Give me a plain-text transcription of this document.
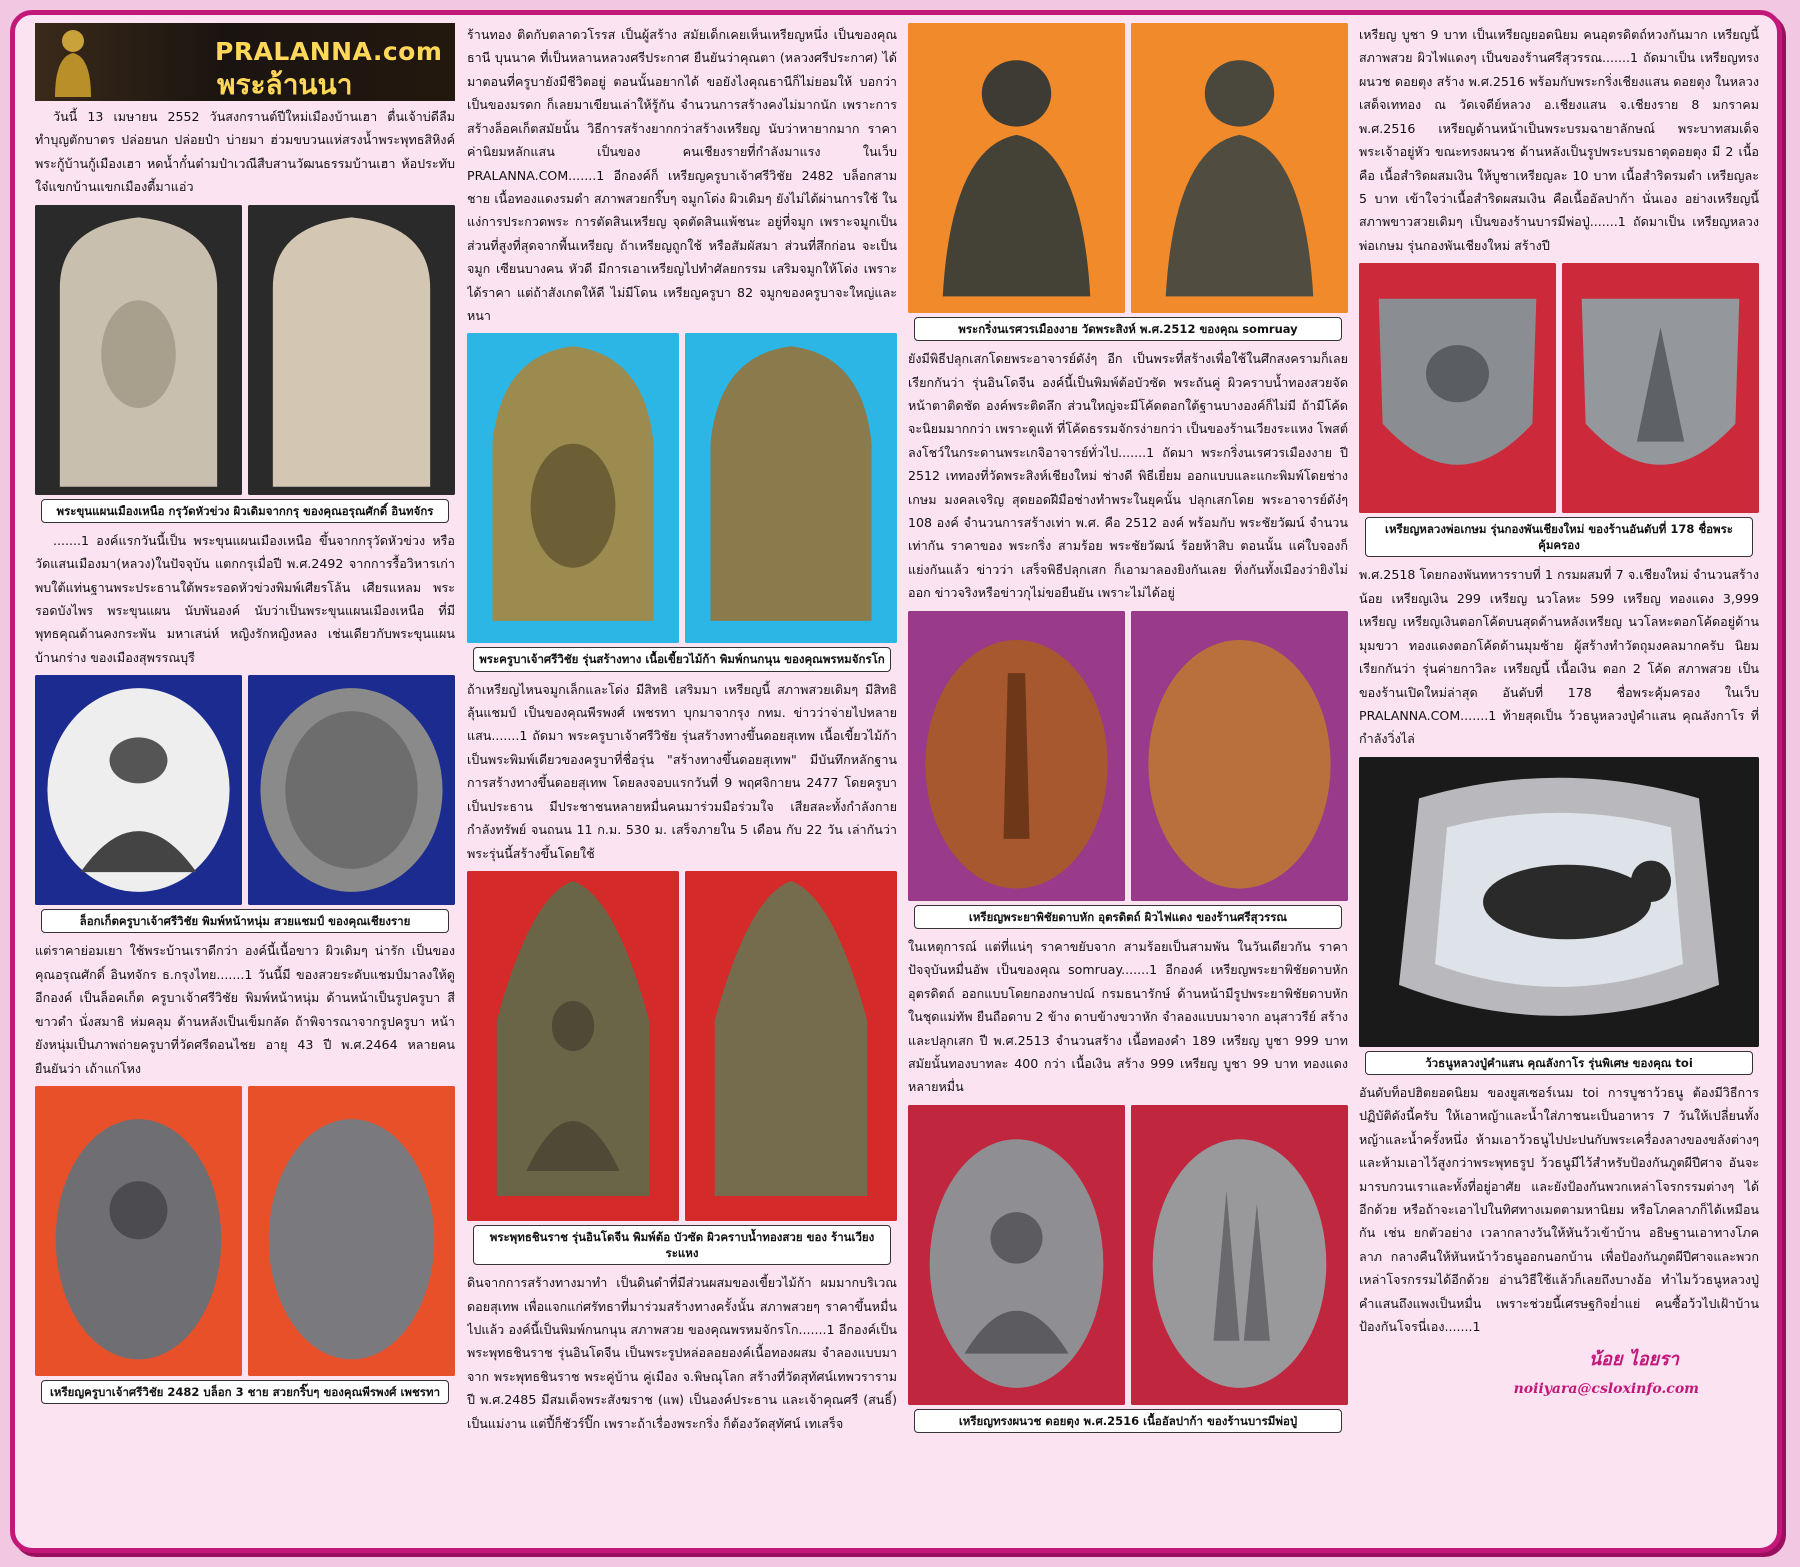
PRALANNA.com
พระล้านนา

วันนี้ 13 เมษายน 2552 วันสงกรานต์ปีใหม่เมืองบ้านเฮา ตื่นเจ้าบ่ดีลืมทำบุญตักบาตร ปล่อยนก ปล่อยป๋า บ่ายมา ฮ่วมขบวนแห่สรงน้ำพระพุทธสิหิงค์ พระกู้บ้านกู้เมืองเฮา หดน้ำกั๋นต๋ามป๋าเวณีสืบสานวัฒนธรรมบ้านเฮา ห้อประทับใจ๋แขกบ้านแขกเมืองตี้มาแอ่ว

พระขุนแผนเมืองเหนือ กรุวัดหัวข่วง ผิวเดิมจากกรุ ของคุณอรุณศักดิ์ อินทจักร

.......1 องค์แรกวันนี้เป็น พระขุนแผนเมืองเหนือ ขึ้นจากกรุวัดหัวข่วง หรือวัดแสนเมืองมา(หลวง)ในปัจจุบัน แตกกรุเมื่อปี พ.ศ.2492 จากการรื้อวิหารเก่า พบใต้แท่นฐานพระประธานใต้พระรอดหัวข่วงพิมพ์เศียรโล้น เศียรแหลม พระรอดบังไพร พระขุนแผน นับพันองค์ นับว่าเป็นพระขุนแผนเมืองเหนือ ที่มีพุทธคุณด้านคงกระพัน มหาเสน่ห์ หญิงรักหญิงหลง เช่นเดียวกับพระขุนแผนบ้านกร่าง ของเมืองสุพรรณบุรี

ล็อกเก็ตครูบาเจ้าศรีวิชัย พิมพ์หน้าหนุ่ม สวยแชมป์ ของคุณเชียงราย

แต่ราคาย่อมเยา ใช้พระบ้านเราดีกว่า องค์นี้เนื้อขาว ผิวเดิมๆ น่ารัก เป็นของคุณอรุณศักดิ์ อินทจักร ธ.กรุงไทย.......1 วันนี้มี ของสวยระดับแชมป์มาลงให้ดูอีกองค์ เป็นล็อคเก็ต ครูบาเจ้าศรีวิชัย พิมพ์หน้าหนุ่ม ด้านหน้าเป็นรูปครูบา สีขาวดำ นั่งสมาธิ ห่มคลุม ด้านหลังเป็นเข็มกลัด ถ้าพิจารณาจากรูปครูบา หน้ายังหนุ่มเป็นภาพถ่ายครูบาที่วัดศรีดอนไชย อายุ 43 ปี พ.ศ.2464 หลายคนยืนยันว่า เถ้าแก่โหง

เหรียญครูบาเจ้าศรีวิชัย 2482 บล็อก 3 ชาย สวยกริ๊บๆ ของคุณพีรพงศ์ เพชรทา

ร้านทอง ติดกับตลาดวโรรส เป็นผู้สร้าง สมัยเด็กเคยเห็นเหรียญหนึ่ง เป็นของคุณธานี บุนนาค ที่เป็นหลานหลวงศรีประกาศ ยืนยันว่าคุณตา (หลวงศรีประกาศ) ได้มาตอนที่ครูบายังมีชีวิตอยู่ ตอนนั้นอยากได้ ขอยังไงคุณธานีก็ไม่ยอมให้ บอกว่าเป็นของมรดก ก็เลยมาเขียนเล่าให้รู้กัน จำนวนการสร้างคงไม่มากนัก เพราะการสร้างล็อคเก็ตสมัยนั้น วิธีการสร้างยากกว่าสร้างเหรียญ นับว่าหายากมาก ราคาค่านิยมหลักแสน เป็นของ คนเชียงรายที่กำลังมาแรง ในเว็บ PRALANNA.COM.......1 อีกองค์ก็ เหรียญครูบาเจ้าศรีวิชัย 2482 บล็อกสามชาย เนื้อทองแดงรมดำ สภาพสวยกริ๊บๆ จมูกโด่ง ผิวเดิมๆ ยังไม่ได้ผ่านการใช้ ในแง่การประกวดพระ การตัดสินเหรียญ จุดตัดสินแพ้ชนะ อยู่ที่จมูก เพราะจมูกเป็นส่วนที่สูงที่สุดจากพื้นเหรียญ ถ้าเหรียญถูกใช้ หรือสัมผัสมา ส่วนที่สึกก่อน จะเป็นจมูก เซียนบางคน หัวดี มีการเอาเหรียญไปทำศัลยกรรม เสริมจมูกให้โด่ง เพราะได้ราคา แต่ถ้าสังเกตให้ดี ไม่มีโดน เหรียญครูบา 82 จมูกของครูบาจะใหญ่และหนา

พระครูบาเจ้าศรีวิชัย รุ่นสร้างทาง เนื้อเขี้ยวไม้ก้า พิมพ์กนกนุน ของคุณพรหมจักรโก

ถ้าเหรียญไหนจมูกเล็กและโด่ง มีสิทธิ เสริมมา เหรียญนี้ สภาพสวยเดิมๆ มีสิทธิลุ้นแชมป์ เป็นของคุณพีรพงศ์ เพชรทา บุกมาจากรุง กทม. ข่าวว่าจ่ายไปหลายแสน.......1 ถัดมา พระครูบาเจ้าศรีวิชัย รุ่นสร้างทางขึ้นดอยสุเทพ เนื้อเขี้ยวไม้ก้า เป็นพระพิมพ์เดียวของครูบาที่ชื่อรุ่น "สร้างทางขึ้นดอยสุเทพ" มีบันทึกหลักฐานการสร้างทางขึ้นดอยสุเทพ โดยลงจอบแรกวันที่ 9 พฤศจิกายน 2477 โดยครูบาเป็นประธาน มีประชาชนหลายหมื่นคนมาร่วมมือร่วมใจ เสียสละทั้งกำลังกาย กำลังทรัพย์ จนถนน 11 ก.ม. 530 ม. เสร็จภายใน 5 เดือน กับ 22 วัน เล่ากันว่า พระรุ่นนี้สร้างขึ้นโดยใช้

พระพุทธชินราช รุ่นอินโดจีน พิมพ์ต้อ บัวซัด ผิวคราบน้ำทองสวย ของ ร้านเวียงระแหง

ดินจากการสร้างทางมาทำ เป็นดินดำที่มีส่วนผสมของเขี้ยวไม้ก้า ผมมากบริเวณดอยสุเทพ เพื่อแจกแก่ศรัทธาที่มาร่วมสร้างทางครั้งนั้น สภาพสวยๆ ราคาขึ้นหมื่นไปแล้ว องค์นี้เป็นพิมพ์กนกนุน สภาพสวย ของคุณพรหมจักรโก.......1 อีกองค์เป็น พระพุทธชินราช รุ่นอินโดจีน เป็นพระรูปหล่อลอยองค์เนื้อทองผสม จำลองแบบมาจาก พระพุทธชินราช พระคู่บ้าน คู่เมือง จ.พิษณุโลก สร้างที่วัดสุทัศน์เทพวราราม ปี พ.ศ.2485 มีสมเด็จพระสังฆราช (แพ) เป็นองค์ประธาน และเจ้าคุณศรี (สนธิ์) เป็นแม่งาน แต่ปี้ก็ชัวร์ปิ๊ก เพราะถ้าเรื่องพระกริ่ง ก็ต้องวัดสุทัศน์ เทเสร็จ

พระกริ่งนเรศวรเมืองงาย วัดพระสิงห์ พ.ศ.2512 ของคุณ somruay

ยังมีพิธีปลุกเสกโดยพระอาจารย์ดัง๋ๆ อีก เป็นพระที่สร้างเพื่อใช้ในศึกสงครามก็เลยเรียกกันว่า รุ่นอินโดจีน องค์นี้เป็นพิมพ์ต้อบัวซัด พระถันคู่ ผิวคราบน้ำทองสวยจัด หน้าตาติดชัด องค์พระติดลึก ส่วนใหญ่จะมีโค้ดตอกใต้ฐานบางองค์ก็ไม่มี ถ้ามีโค้ดจะนิยมมากกว่า เพราะดูแท้ ที่โค้ดธรรมจักรง่ายกว่า เป็นของร้านเวียงระแหง โพสต์ลงโชว์ในกระดานพระเกจิอาจารย์ทั่วไป.......1 ถัดมา พระกริ่งนเรศวรเมืองงาย ปี 2512 เททองที่วัดพระสิงห์เชียงใหม่ ช่างดี พิธีเยี่ยม ออกแบบและแกะพิมพ์โดยช่างเกษม มงคลเจริญ สุดยอดฝีมือช่างทำพระในยุคนั้น ปลุกเสกโดย พระอาจารย์ดัง๋ๆ 108 องค์ จำนวนการสร้างเท่า พ.ศ. คือ 2512 องค์ พร้อมกับ พระชัยวัฒน์ จำนวนเท่ากัน ราคาของ พระกริ่ง สามร้อย พระชัยวัฒน์ ร้อยห้าสิบ ตอนนั้น แค่ใบจองก็แย่งกันแล้ว ข่าวว่า เสร็จพิธีปลุกเสก ก็เอามาลองยิงกันเลย ทิ่งกันทั้งเมืองว่ายิงไม่ออก ข่าวจริงหรือข่าวกุไม่ขอยืนยัน เพราะไม่ได้อยู่

เหรียญพระยาพิชัยดาบหัก อุตรดิตถ์ ผิวไฟแดง ของร้านศรีสุวรรณ

ในเหตุการณ์ แต่ที่แน่ๆ ราคาขยับจาก สามร้อยเป็นสามพัน ในวันเดียวกัน ราคาปัจจุบันหมื่นอัพ เป็นของคุณ somruay.......1 อีกองค์ เหรียญพระยาพิชัยดาบหัก อุตรดิตถ์ ออกแบบโดยกองกษาปณ์ กรมธนารักษ์ ด้านหน้ามีรูปพระยาพิชัยดาบหัก ในชุดแม่ทัพ ยืนถือดาบ 2 ข้าง ดาบข้างขวาหัก จำลองแบบมาจาก อนุสาวรีย์ สร้างและปลุกเสก ปี พ.ศ.2513 จำนวนสร้าง เนื้อทองคำ 189 เหรียญ บูชา 999 บาท สมัยนั้นทองบาทละ 400 กว่า เนื้อเงิน สร้าง 999 เหรียญ บูชา 99 บาท ทองแดง หลายหมื่น

เหรียญทรงผนวช ดอยตุง พ.ศ.2516 เนื้ออัลปาก้า ของร้านบารมีพ่อปู่

เหรียญ บูชา 9 บาท เป็นเหรียญยอดนิยม คนอุตรดิตถ์หวงกันมาก เหรียญนี้สภาพสวย ผิวไฟแดงๆ เป็นของร้านศรีสุวรรณ.......1 ถัดมาเป็น เหรียญทรงผนวช ดอยตุง สร้าง พ.ศ.2516 พร้อมกับพระกริ่งเชียงแสน ดอยตุง ในหลวงเสด็จเททอง ณ วัดเจดีย์หลวง อ.เชียงแสน จ.เชียงราย 8 มกราคม พ.ศ.2516 เหรียญด้านหน้าเป็นพระบรมฉายาลักษณ์ พระบาทสมเด็จพระเจ้าอยู่หัว ขณะทรงผนวช ด้านหลังเป็นรูปพระบรมธาตุดอยตุง มี 2 เนื้อ คือ เนื้อสำริดผสมเงิน ให้บูชาเหรียญละ 10 บาท เนื้อสำริดรมดำ เหรียญละ 5 บาท เข้าใจว่าเนื้อสำริดผสมเงิน คือเนื้ออัลปาก้า นั่นเอง อย่างเหรียญนี้ สภาพขาวสวยเดิมๆ เป็นของร้านบารมีพ่อปู่.......1 ถัดมาเป็น เหรียญหลวงพ่อเกษม รุ่นกองพันเชียงใหม่ สร้างปี

เหรียญหลวงพ่อเกษม รุ่นกองพันเชียงใหม่ ของร้านอันดับที่ 178 ชื่อพระคุ้มครอง

พ.ศ.2518 โดยกองพันทหารราบที่ 1 กรมผสมที่ 7 จ.เชียงใหม่ จำนวนสร้างน้อย เหรียญเงิน 299 เหรียญ นวโลหะ 599 เหรียญ ทองแดง 3,999 เหรียญ เหรียญเงินตอกโค้ดบนสุดด้านหลังเหรียญ นวโลหะตอกโค้ดอยู่ด้านมุมขวา ทองแดงตอกโค้ดด้านมุมซ้าย ผู้สร้างทำวัตถุมงคลมากครับ นิยมเรียกกันว่า รุ่นค่ายกาวิละ เหรียญนี้ เนื้อเงิน ตอก 2 โค้ด สภาพสวย เป็นของร้านเปิดใหม่ล่าสุด อันดับที่ 178 ชื่อพระคุ้มครอง ในเว็บ PRALANNA.COM.......1 ท้ายสุดเป็น ว้วธนูหลวงปู่คำแสน คุณลังกาโร ที่กำลังวิ่งไล่

ว้วธนูหลวงปู่คำแสน คุณลังกาโร รุ่นพิเศษ ของคุณ toi

อันดับท็อปฮิตยอดนิยม ของยูสเซอร์เนม toi การบูชาว้วธนู ต้องมีวิธีการปฏิบัติดังนี้ครับ ให้เอาหญ้าและน้ำใส่ภาชนะเป็นอาหาร 7 วันให้เปลี่ยนทั้งหญ้าและน้ำครั้งหนึ่ง ห้ามเอาว้วธนูไปปะปนกับพระเครื่องลางของขลังต่างๆ และห้ามเอาไว้สูงกว่าพระพุทธรูป ว้วธนูมีไว้สำหรับป้องกันภูตผีปีศาจ อันจะมารบกวนเราและทั้งที่อยู่อาศัย และยังป้องกันพวกเหล่าโจรกรรมต่างๆ ได้อีกด้วย หรือถ้าจะเอาไปในทิศทางเมตตามหานิยม หรือโภคลาภก็ได้เหมือนกัน เช่น ยกตัวอย่าง เวลากลางวันให้หันว้วเข้าบ้าน อธิษฐานเอาทางโภคลาภ กลางคืนให้หันหน้าว้วธนูออกนอกบ้าน เพื่อป้องกันภูตผีปีศาจและพวกเหล่าโจรกรรมได้อีกด้วย อ่านวิธีใช้แล้วก็เลยถึงบางอ้อ ทำไมว้วธนูหลวงปู่คำแสนถึงแพงเป็นหมื่น เพราะช่วยนี้เศรษฐกิจย่ำแย่ คนซื้อว้วไปเฝ้าบ้านป้องกันโจรนี่เอง.......1

น้อย ไอยรา
noiiyara@csloxinfo.com
